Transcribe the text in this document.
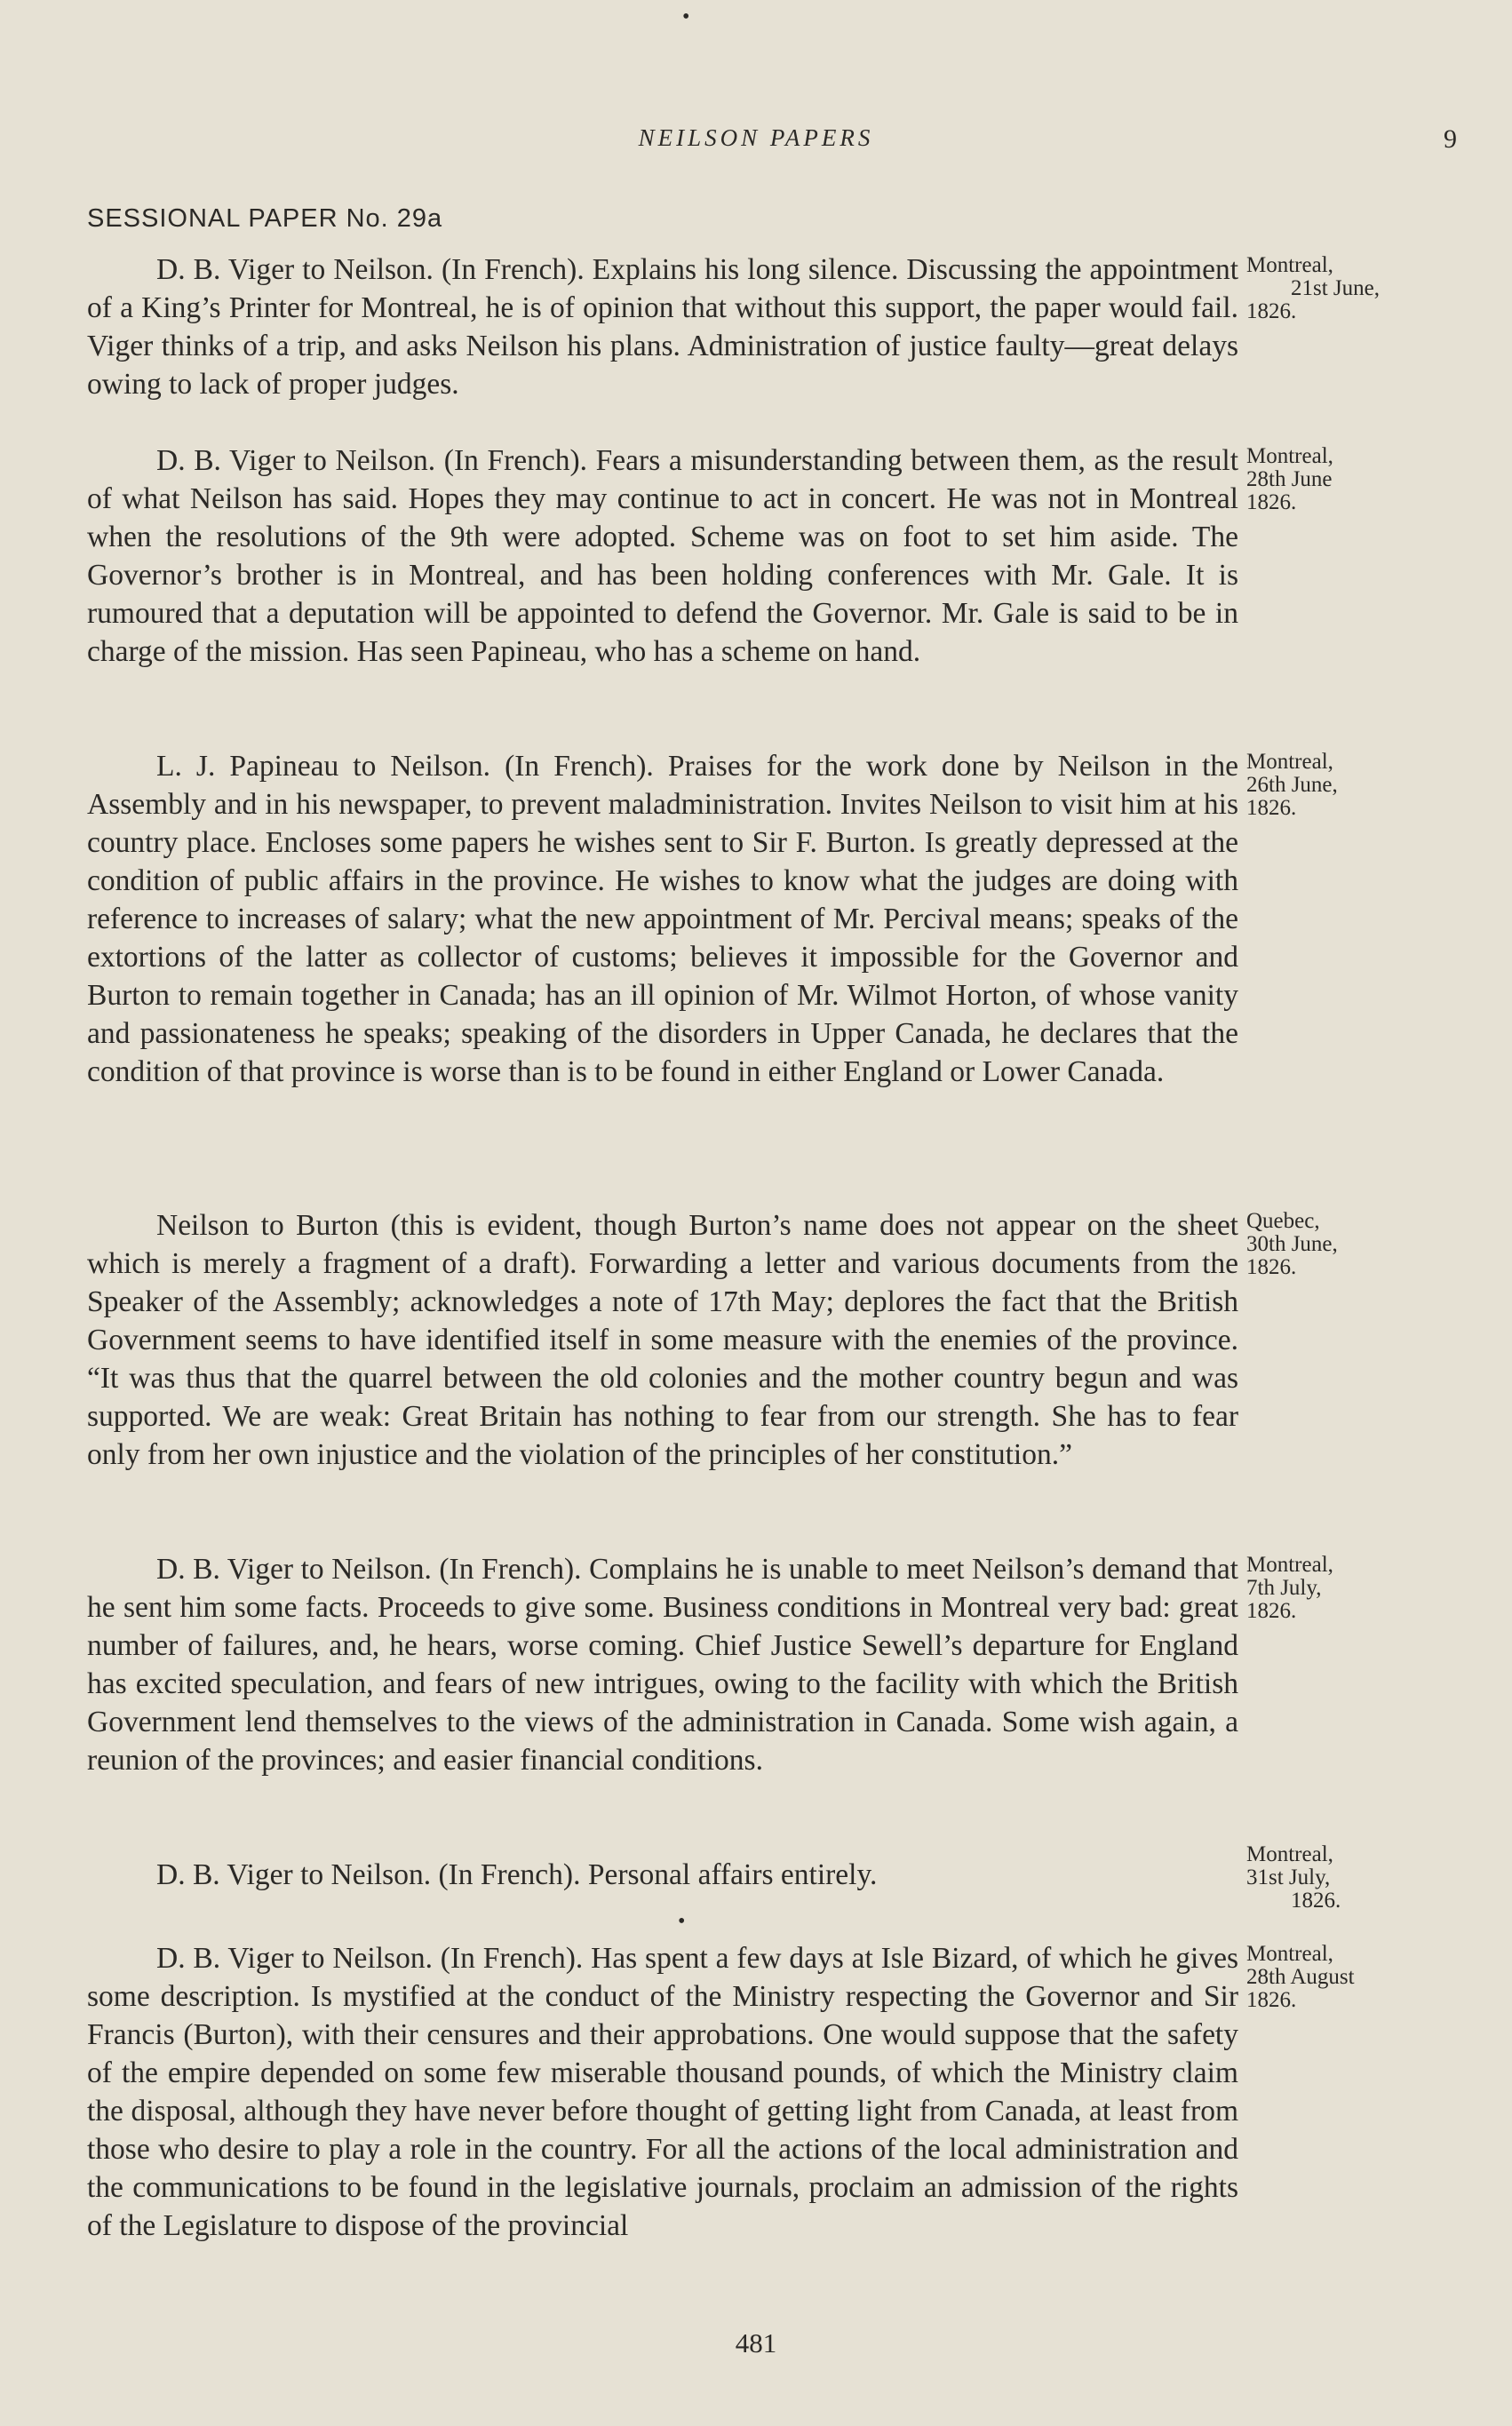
•
•
NEILSON PAPERS	9
SESSIONAL PAPER No. 29a

D. B. Viger to Neilson. (In French). Explains his long silence. Discussing the appointment of a King’s Printer for Montreal, he is of opinion that without this support, the paper would fail. Viger thinks of a trip, and asks Neilson his plans. Administration of justice faulty—great delays owing to lack of proper judges.

Montreal,
21st June,
1826.

D. B. Viger to Neilson. (In French). Fears a misunderstanding between them, as the result of what Neilson has said. Hopes they may continue to act in concert. He was not in Montreal when the resolutions of the 9th were adopted. Scheme was on foot to set him aside. The Governor’s brother is in Montreal, and has been holding conferences with Mr. Gale. It is rumoured that a deputation will be appointed to defend the Governor. Mr. Gale is said to be in charge of the mission. Has seen Papineau, who has a scheme on hand.

Montreal,
28th June
1826.

L. J. Papineau to Neilson. (In French). Praises for the work done by Neilson in the Assembly and in his newspaper, to prevent maladministration. Invites Neilson to visit him at his country place. Encloses some papers he wishes sent to Sir F. Burton. Is greatly depressed at the condition of public affairs in the province. He wishes to know what the judges are doing with reference to increases of salary; what the new appointment of Mr. Percival means; speaks of the extortions of the latter as collector of customs; believes it impossible for the Governor and Burton to remain together in Canada; has an ill opinion of Mr. Wilmot Horton, of whose vanity and passionateness he speaks; speaking of the disorders in Upper Canada, he declares that the condition of that province is worse than is to be found in either England or Lower Canada.

Montreal,
26th June,
1826.

Neilson to Burton (this is evident, though Burton’s name does not appear on the sheet which is merely a fragment of a draft). Forwarding a letter and various documents from the Speaker of the Assembly; acknowledges a note of 17th May; deplores the fact that the British Government seems to have identified itself in some measure with the enemies of the province. “It was thus that the quarrel between the old colonies and the mother country begun and was supported. We are weak: Great Britain has nothing to fear from our strength. She has to fear only from her own injustice and the violation of the principles of her constitution.”

Quebec,
30th June,
1826.

D. B. Viger to Neilson. (In French). Complains he is unable to meet Neilson’s demand that he sent him some facts. Proceeds to give some. Business conditions in Montreal very bad: great number of failures, and, he hears, worse coming. Chief Justice Sewell’s departure for England has excited speculation, and fears of new intrigues, owing to the facility with which the British Government lend themselves to the views of the administration in Canada. Some wish again, a reunion of the provinces; and easier financial conditions.

Montreal,
7th July,
1826.

D. B. Viger to Neilson. (In French). Personal affairs entirely.

Montreal,
31st July,
1826.

D. B. Viger to Neilson. (In French). Has spent a few days at Isle Bizard, of which he gives some description. Is mystified at the conduct of the Ministry respecting the Governor and Sir Francis (Burton), with their censures and their approbations. One would suppose that the safety of the empire depended on some few miserable thousand pounds, of which the Ministry claim the disposal, although they have never before thought of getting light from Canada, at least from those who desire to play a role in the country. For all the actions of the local administration and the communications to be found in the legislative journals, proclaim an admission of the rights of the Legislature to dispose of the provincial

Montreal,
28th August
1826.
481
